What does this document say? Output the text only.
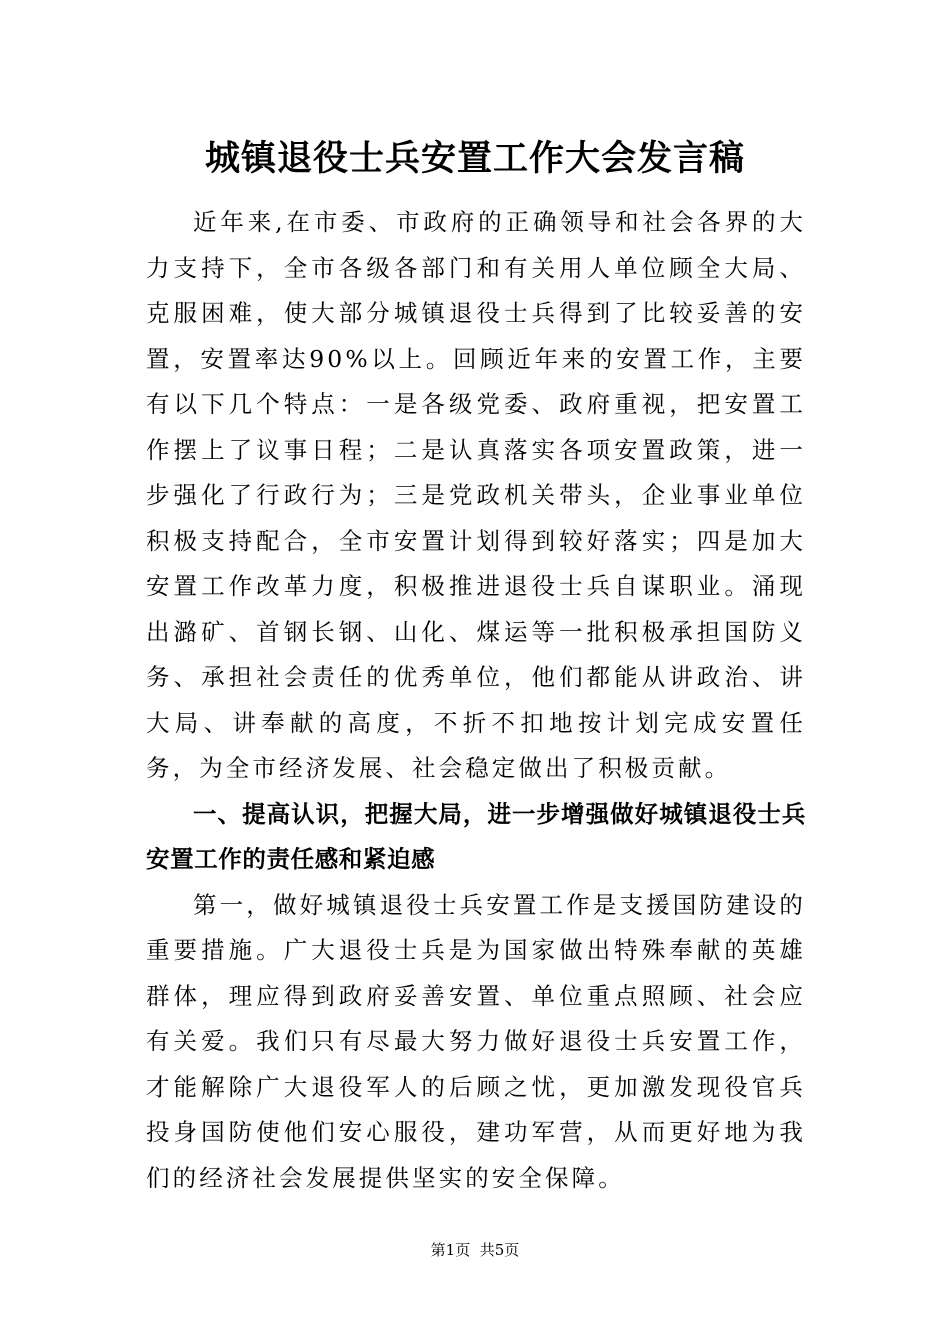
城镇退役士兵安置工作大会发言稿

近年来,在市委、市政府的正确领导和社会各界的大力支持下，全市各级各部门和有关用人单位顾全大局、克服困难，使大部分城镇退役士兵得到了比较妥善的安置，安置率达90%以上。回顾近年来的安置工作，主要有以下几个特点：一是各级党委、政府重视，把安置工作摆上了议事日程；二是认真落实各项安置政策，进一步强化了行政行为；三是党政机关带头，企业事业单位积极支持配合，全市安置计划得到较好落实；四是加大安置工作改革力度，积极推进退役士兵自谋职业。涌现出潞矿、首钢长钢、山化、煤运等一批积极承担国防义务、承担社会责任的优秀单位，他们都能从讲政治、讲大局、讲奉献的高度，不折不扣地按计划完成安置任务，为全市经济发展、社会稳定做出了积极贡献。

一、提高认识，把握大局，进一步增强做好城镇退役士兵安置工作的责任感和紧迫感

第一，做好城镇退役士兵安置工作是支援国防建设的重要措施。广大退役士兵是为国家做出特殊奉献的英雄群体，理应得到政府妥善安置、单位重点照顾、社会应有关爱。我们只有尽最大努力做好退役士兵安置工作，才能解除广大退役军人的后顾之忧，更加激发现役官兵投身国防使他们安心服役，建功军营，从而更好地为我们的经济社会发展提供坚实的安全保障。

第1页 共5页
